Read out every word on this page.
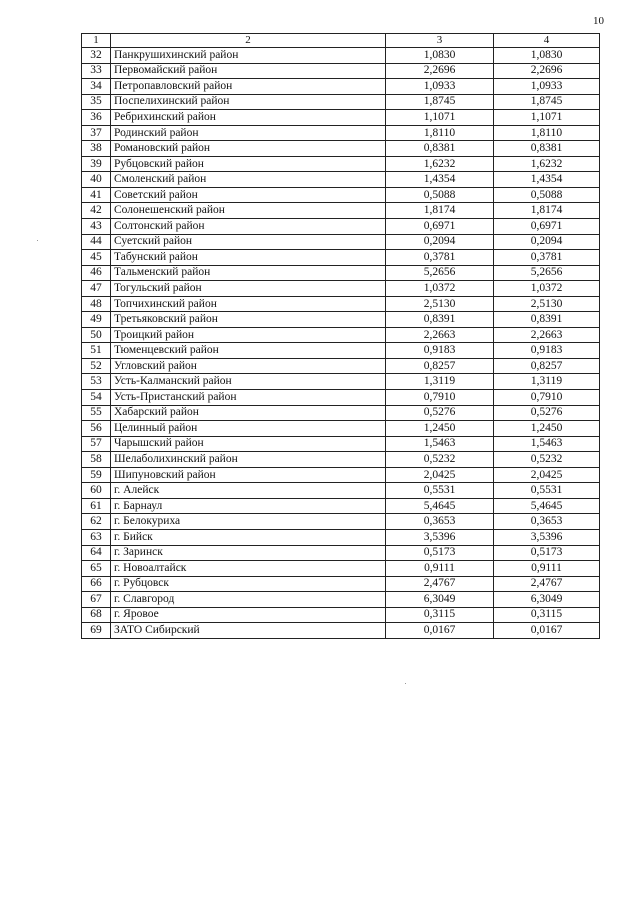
10
1	2	3	4
32	Панкрушихинский район	1,0830	1,0830
33	Первомайский район	2,2696	2,2696
34	Петропавловский район	1,0933	1,0933
35	Поспелихинский район	1,8745	1,8745
36	Ребрихинский район	1,1071	1,1071
37	Родинский район	1,8110	1,8110
38	Романовский район	0,8381	0,8381
39	Рубцовский район	1,6232	1,6232
40	Смоленский район	1,4354	1,4354
41	Советский район	0,5088	0,5088
42	Солонешенский район	1,8174	1,8174
43	Солтонский район	0,6971	0,6971
44	Суетский район	0,2094	0,2094
45	Табунский район	0,3781	0,3781
46	Тальменский район	5,2656	5,2656
47	Тогульский район	1,0372	1,0372
48	Топчихинский район	2,5130	2,5130
49	Третьяковский район	0,8391	0,8391
50	Троицкий район	2,2663	2,2663
51	Тюменцевский район	0,9183	0,9183
52	Угловский район	0,8257	0,8257
53	Усть-Калманский район	1,3119	1,3119
54	Усть-Пристанский район	0,7910	0,7910
55	Хабарский район	0,5276	0,5276
56	Целинный район	1,2450	1,2450
57	Чарышский район	1,5463	1,5463
58	Шелаболихинский район	0,5232	0,5232
59	Шипуновский район	2,0425	2,0425
60	г. Алейск	0,5531	0,5531
61	г. Барнаул	5,4645	5,4645
62	г. Белокуриха	0,3653	0,3653
63	г. Бийск	3,5396	3,5396
64	г. Заринск	0,5173	0,5173
65	г. Новоалтайск	0,9111	0,9111
66	г. Рубцовск	2,4767	2,4767
67	г. Славгород	6,3049	6,3049
68	г. Яровое	0,3115	0,3115
69	ЗАТО Сибирский	0,0167	0,0167
